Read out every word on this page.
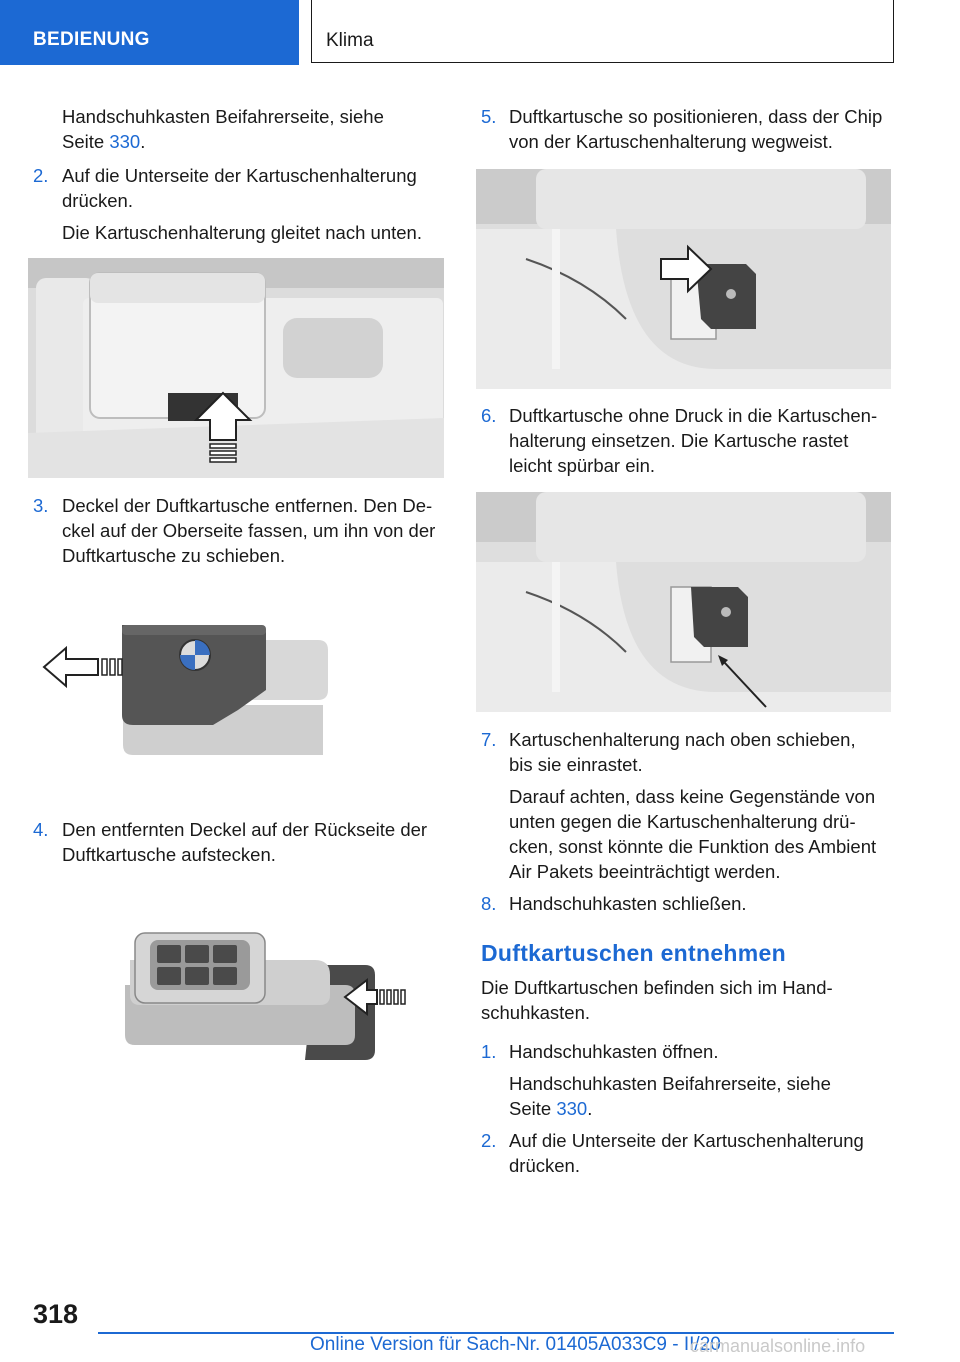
BEDIENUNG	Klima
Handschuhkasten Beifahrerseite, siehe
Seite 330.
2. Auf die Unterseite der Kartuschenhalterung
drücken.
Die Kartuschenhalterung gleitet nach unten.
3. Deckel der Duftkartusche entfernen. Den De-
ckel auf der Oberseite fassen, um ihn von der
Duftkartusche zu schieben.
4. Den entfernten Deckel auf der Rückseite der
Duftkartusche aufstecken.
5. Duftkartusche so positionieren, dass der Chip
von der Kartuschenhalterung wegweist.
6. Duftkartusche ohne Druck in die Kartuschen-
halterung einsetzen. Die Kartusche rastet
leicht spürbar ein.
7. Kartuschenhalterung nach oben schieben,
bis sie einrastet.
Darauf achten, dass keine Gegenstände von
unten gegen die Kartuschenhalterung drü-
cken, sonst könnte die Funktion des Ambient
Air Pakets beeinträchtigt werden.
8. Handschuhkasten schließen.
Duftkartuschen entnehmen
Die Duftkartuschen befinden sich im Hand-
schuhkasten.
1. Handschuhkasten öffnen.
Handschuhkasten Beifahrerseite, siehe
Seite 330.
2. Auf die Unterseite der Kartuschenhalterung
drücken.
318
Online Version für Sach-Nr. 01405A033C9 - II/20
carmanualsonline.info
